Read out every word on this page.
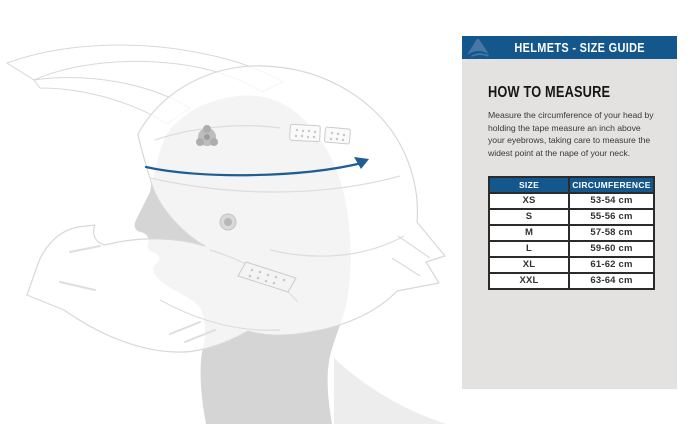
HELMETS - SIZE GUIDE
HOW TO MEASURE

Measure the circumference of your head by holding the tape measure an inch above your eyebrows, taking care to measure the widest point at the nape of your neck.

SIZE	CIRCUMFERENCE
XS	53-54 cm
S	55-56 cm
M	57-58 cm
L	59-60 cm
XL	61-62 cm
XXL	63-64 cm
